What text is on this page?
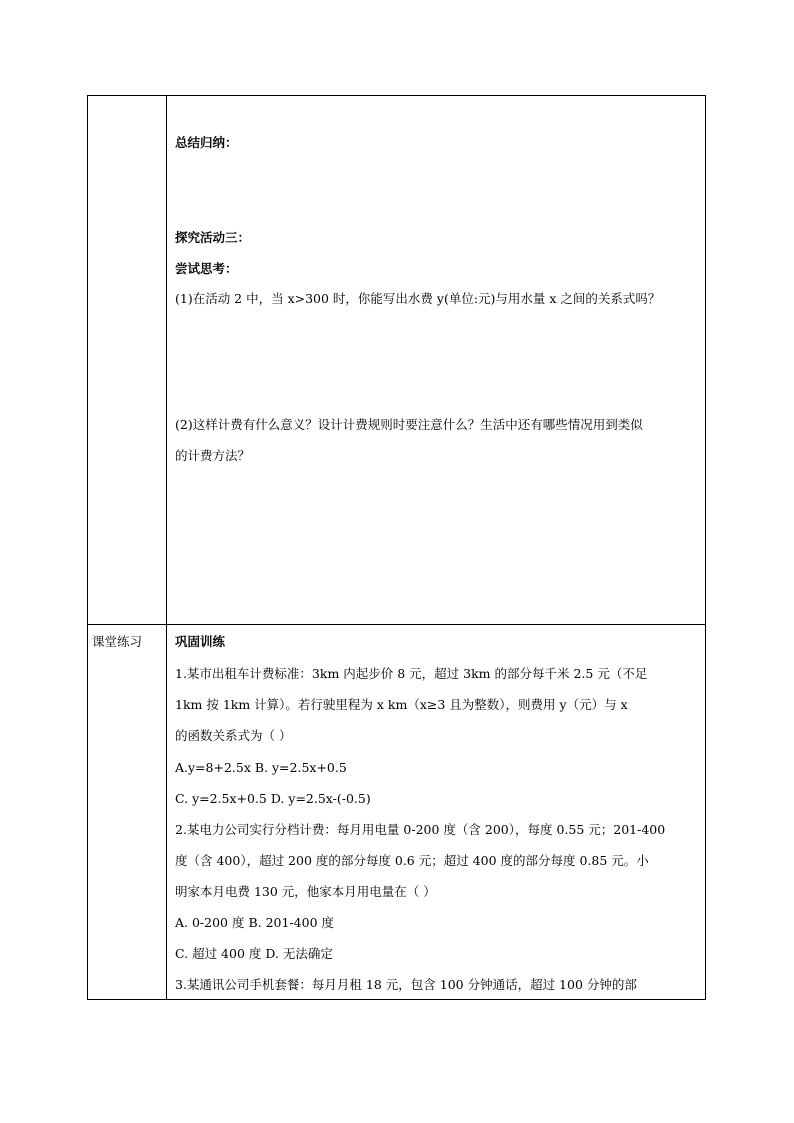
总结归纳：
探究活动三：
尝试思考：
(1)在活动 2 中，当 x>300 时，你能写出水费 y(单位:元)与用水量 x 之间的关系式吗？
(2)这样计费有什么意义？设计计费规则时要注意什么？生活中还有哪些情况用到类似
的计费方法？
课堂练习	巩固训练
1.某市出租车计费标准：3km 内起步价 8 元，超过 3km 的部分每千米 2.5 元（不足
1km 按 1km 计算）。若行驶里程为 x km（x≥3 且为整数），则费用 y（元）与 x
的函数关系式为（ ）
A.y=8+2.5x B. y=2.5x+0.5
C. y=2.5x+0.5 D. y=2.5x-(-0.5)
2.某电力公司实行分档计费：每月用电量 0-200 度（含 200），每度 0.55 元；201-400
度（含 400），超过 200 度的部分每度 0.6 元；超过 400 度的部分每度 0.85 元。小
明家本月电费 130 元，他家本月用电量在（ ）
A. 0-200 度 B. 201-400 度
C. 超过 400 度 D. 无法确定
3.某通讯公司手机套餐：每月月租 18 元，包含 100 分钟通话，超过 100 分钟的部
